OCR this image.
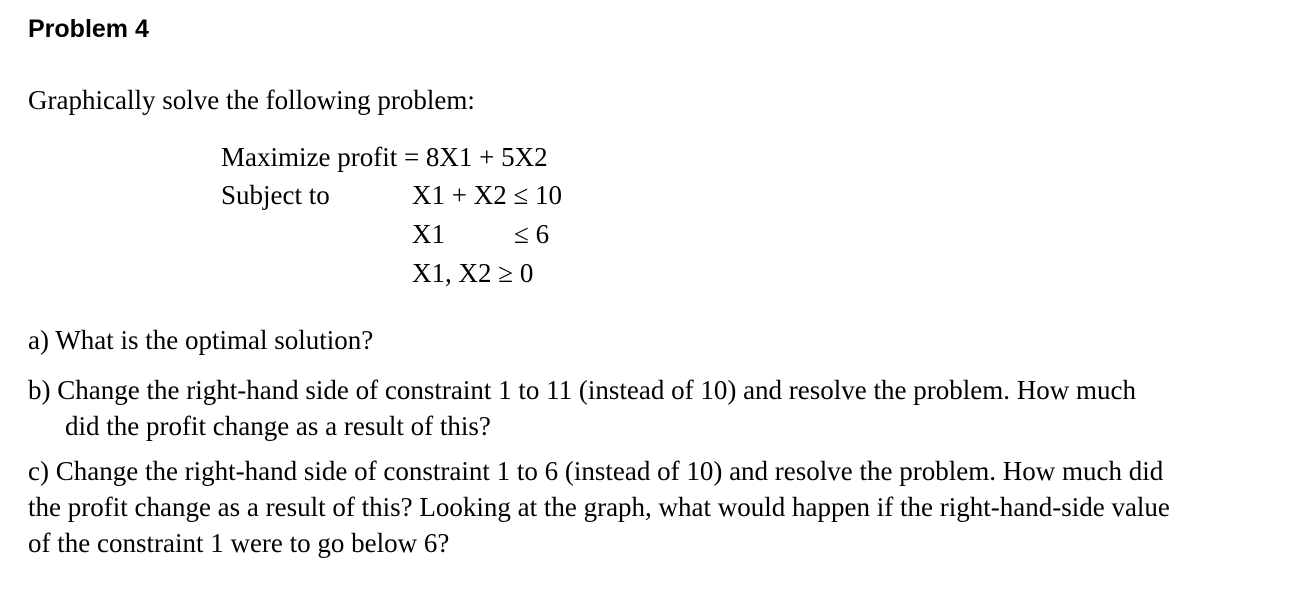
Problem 4
Graphically solve the following problem:
Maximize profit = 8X1 + 5X2
Subject to	X1 + X2 ≤ 10
X1	≤ 6
X1, X2 ≥ 0
a) What is the optimal solution?
b) Change the right-hand side of constraint 1 to 11 (instead of 10) and resolve the problem. How much
did the profit change as a result of this?
c) Change the right-hand side of constraint 1 to 6 (instead of 10) and resolve the problem. How much did
the profit change as a result of this? Looking at the graph, what would happen if the right-hand-side value
of the constraint 1 were to go below 6?
